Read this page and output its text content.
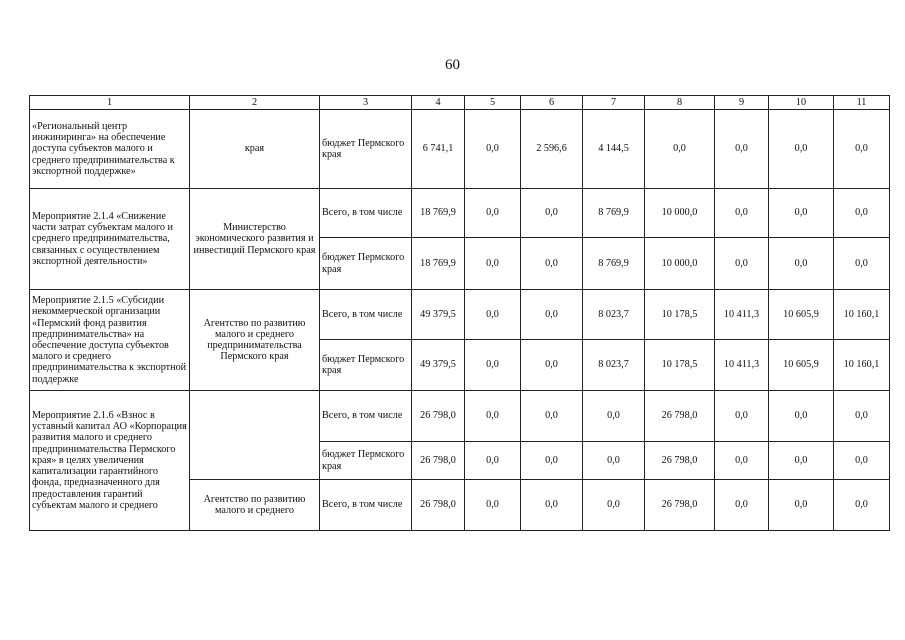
60
1	2	3	4	5	6	7	8	9	10	11
«Региональный центр инжиниринга» на обеспечение доступа субъектов малого и среднего предпринимательства к экспортной поддержке»	края	бюджет Пермского края	6 741,1	0,0	2 596,6	4 144,5	0,0	0,0	0,0	0,0
Мероприятие 2.1.4 «Снижение части затрат субъектам малого и среднего предпринимательства, связанных с осуществлением экспортной деятельности»	Министерство экономического развития и инвестиций Пермского края	Всего, в том числе	18 769,9	0,0	0,0	8 769,9	10 000,0	0,0	0,0	0,0
		бюджет Пермского края	18 769,9	0,0	0,0	8 769,9	10 000,0	0,0	0,0	0,0
Мероприятие 2.1.5 «Субсидии некоммерческой организации «Пермский фонд развития предпринимательства» на обеспечение доступа субъектов малого и среднего предпринимательства к экспортной поддержке	Агентство по развитию малого и среднего предпринимательства Пермского края	Всего, в том числе	49 379,5	0,0	0,0	8 023,7	10 178,5	10 411,3	10 605,9	10 160,1
		бюджет Пермского края	49 379,5	0,0	0,0	8 023,7	10 178,5	10 411,3	10 605,9	10 160,1
Мероприятие 2.1.6 «Взнос в уставный капитал АО «Корпорация развития малого и среднего предпринимательства Пермского края» в целях увеличения капитализации гарантийного фонда, предназначенного для предоставления гарантий субъектам малого и среднего		Всего, в том числе	26 798,0	0,0	0,0	0,0	26 798,0	0,0	0,0	0,0
		бюджет Пермского края	26 798,0	0,0	0,0	0,0	26 798,0	0,0	0,0	0,0
	Агентство по развитию малого и среднего	Всего, в том числе	26 798,0	0,0	0,0	0,0	26 798,0	0,0	0,0	0,0
